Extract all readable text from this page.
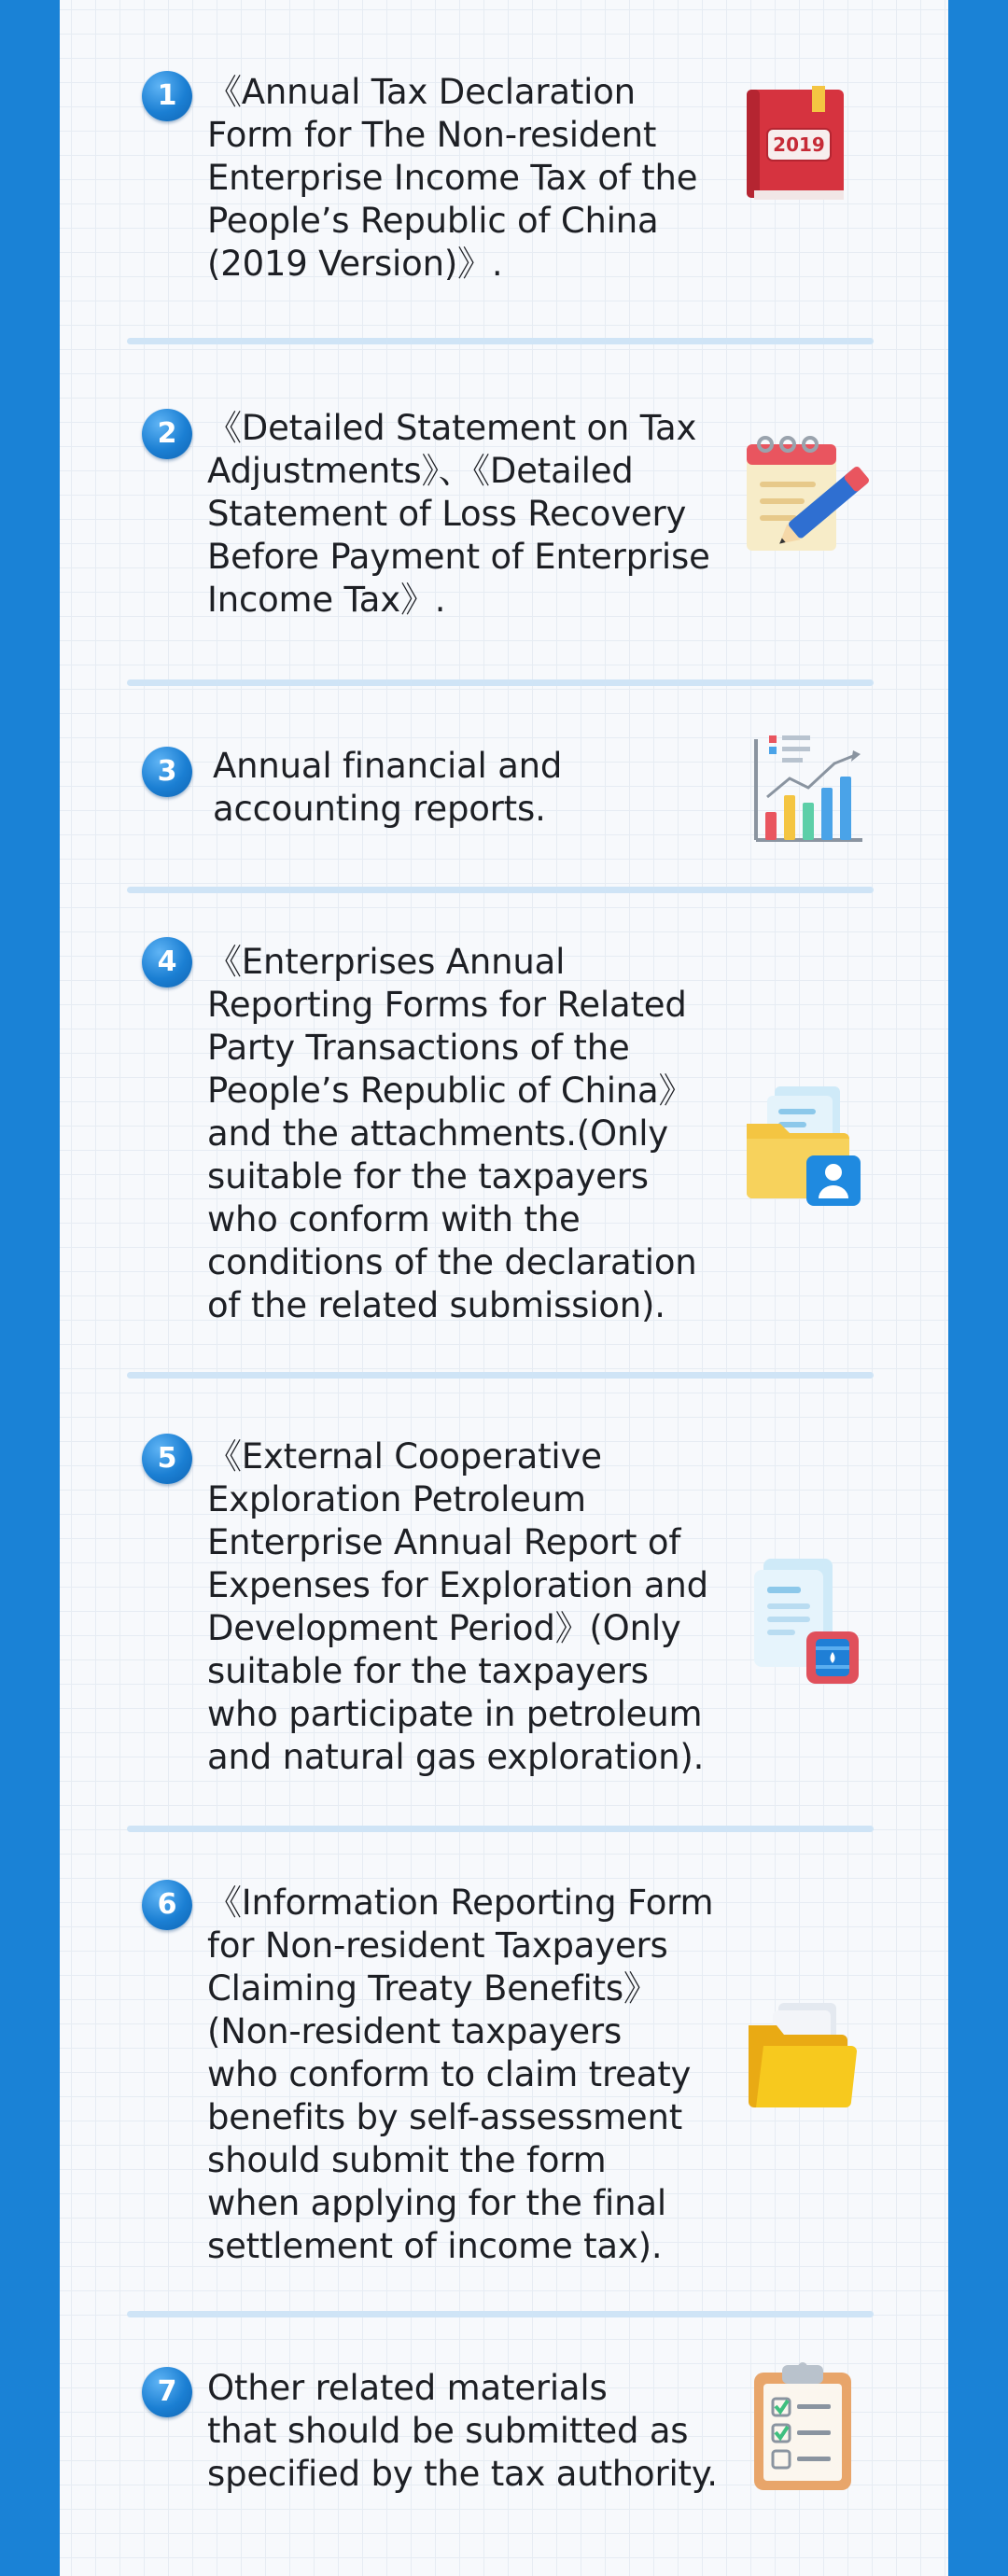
1 《Annual Tax Declaration
Form for The Non-resident
Enterprise Income Tax of the
People’s Republic of China
(2019 Version)》.
2019
2 《Detailed Statement on Tax
Adjustments》、《Detailed
Statement of Loss Recovery
Before Payment of Enterprise
Income Tax》.
3	Annual financial and
accounting reports.
4 《Enterprises Annual
Reporting Forms for Related
Party Transactions of the
People’s Republic of China》
and the attachments.(Only
suitable for the taxpayers
who conform with the
conditions of the declaration
of the related submission).
5 《External Cooperative
Exploration Petroleum
Enterprise Annual Report of
Expenses for Exploration and
Development Period》(Only
suitable for the taxpayers
who participate in petroleum
and natural gas exploration).
6 《Information Reporting Form
for Non-resident Taxpayers
Claiming Treaty Benefits》
(Non-resident taxpayers
who conform to claim treaty
benefits by self-assessment
should submit the form
when applying for the final
settlement of income tax).
7 Other related materials
that should be submitted as
specified by the tax authority.
